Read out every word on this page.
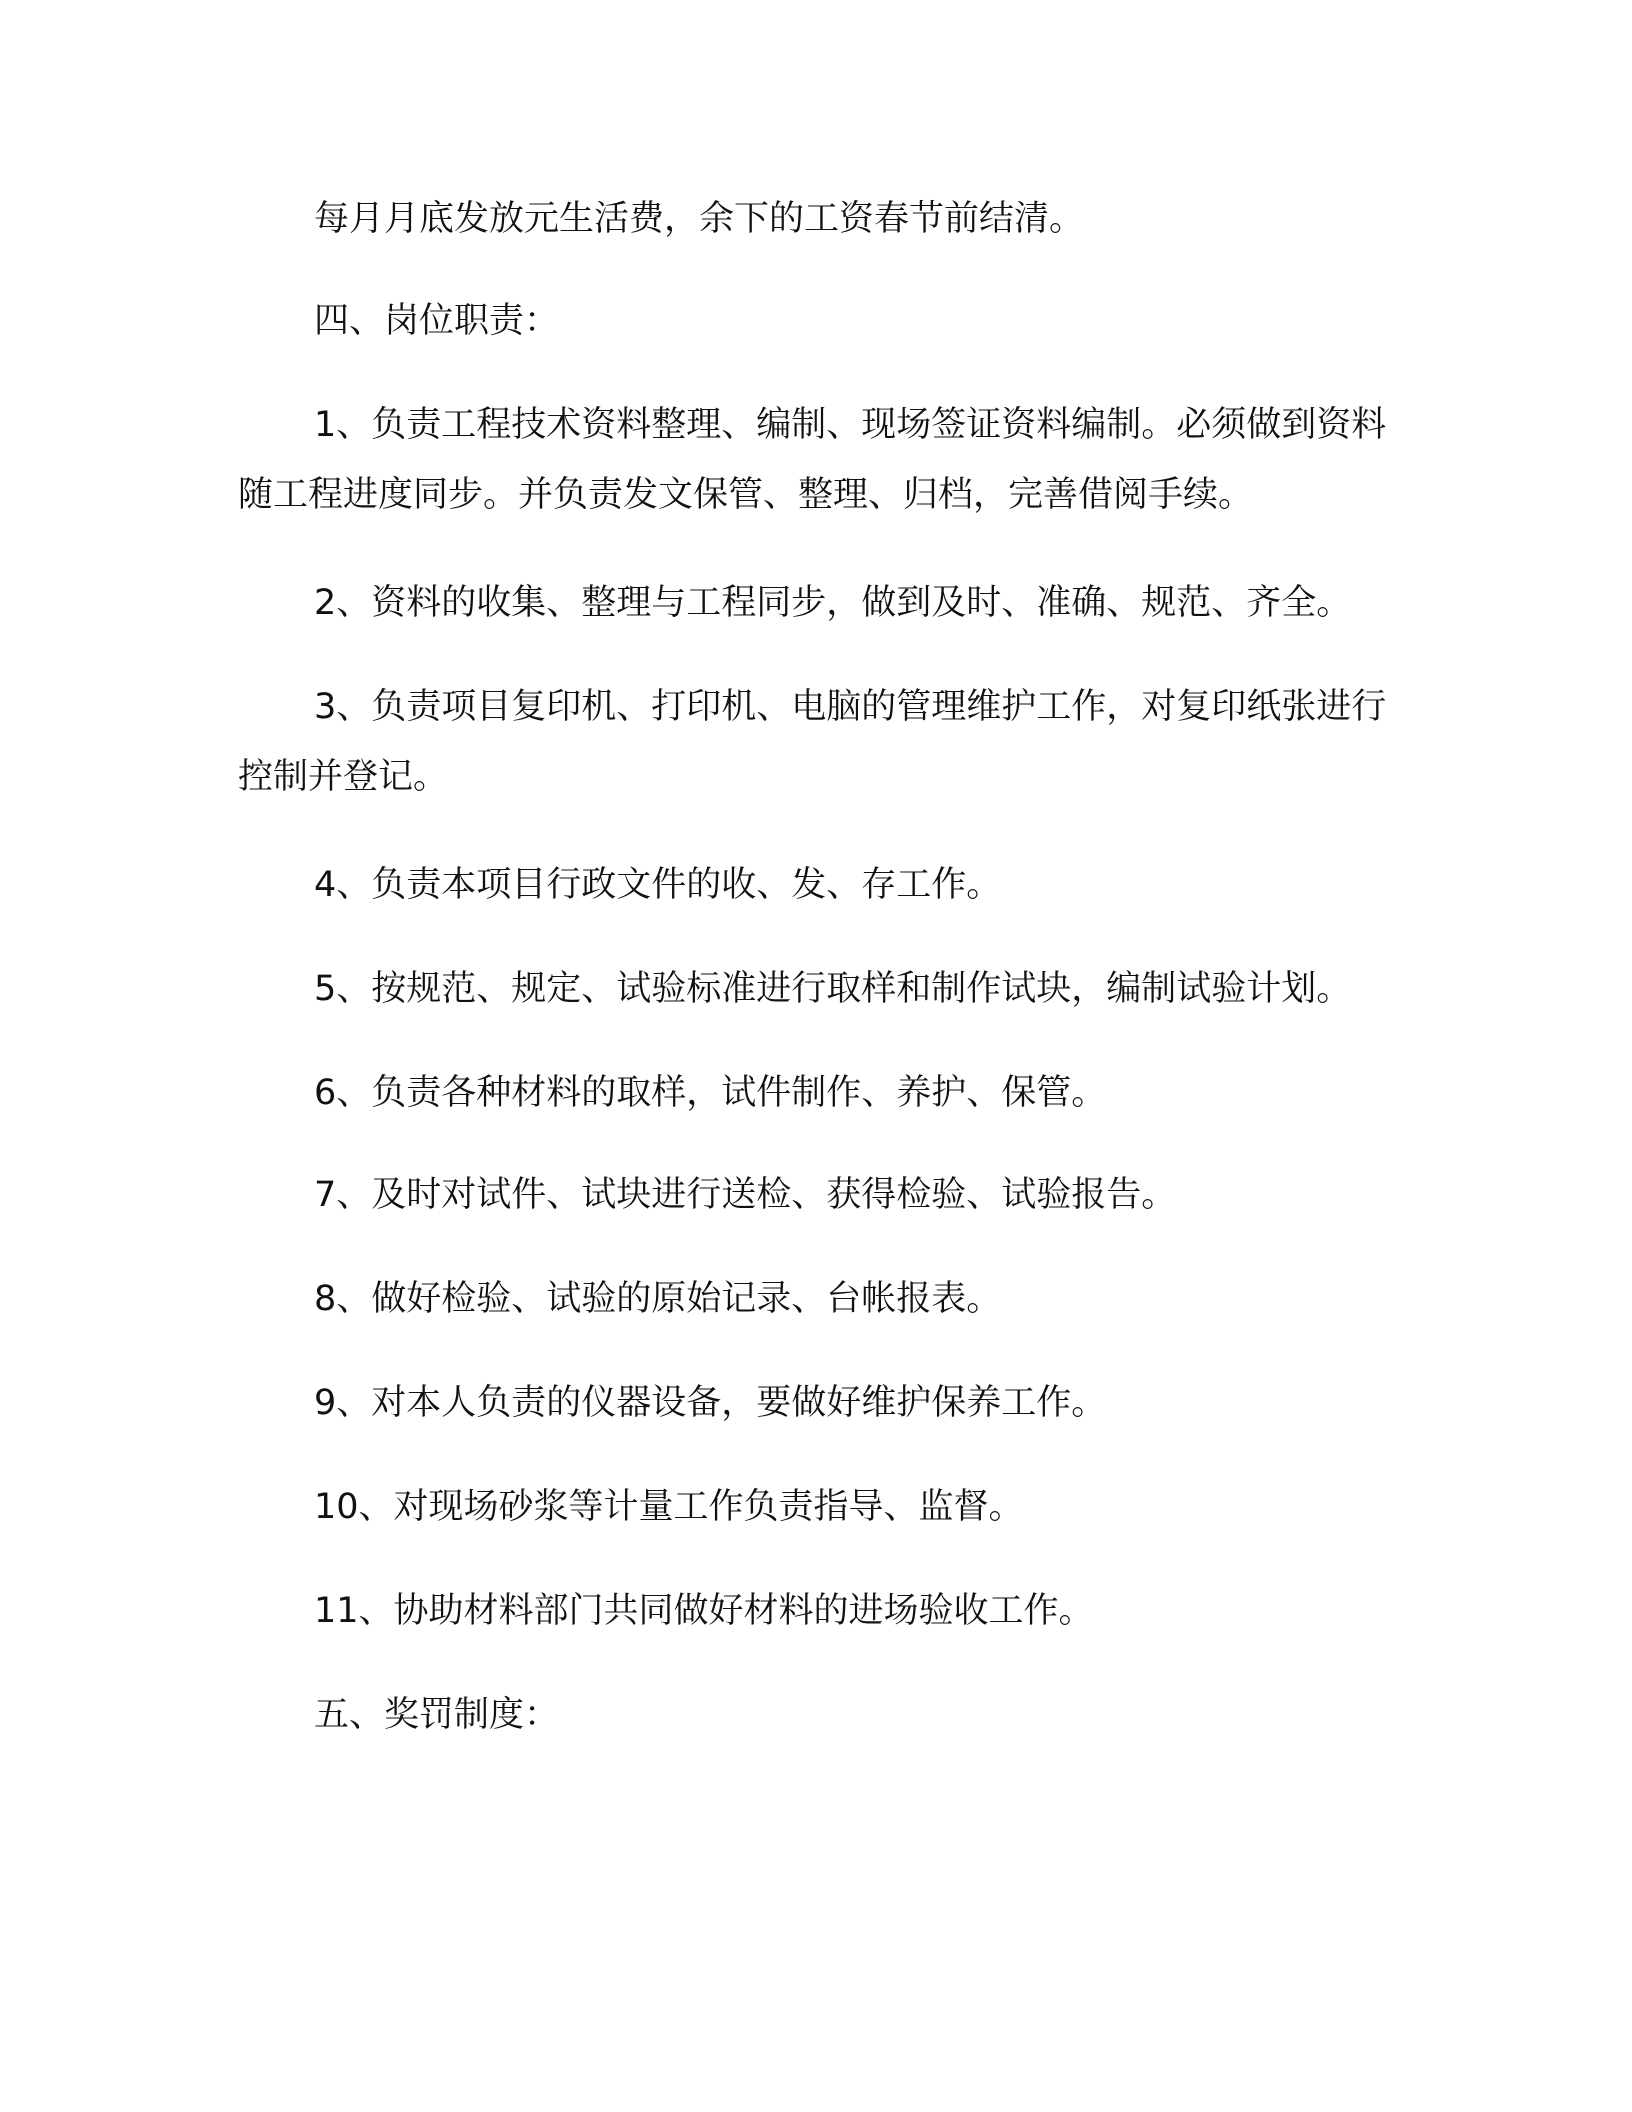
每月月底发放元生活费，余下的工资春节前结清。

四、岗位职责：

1、负责工程技术资料整理、编制、现场签证资料编制。必须做到资料随工程进度同步。并负责发文保管、整理、归档，完善借阅手续。

2、资料的收集、整理与工程同步，做到及时、准确、规范、齐全。

3、负责项目复印机、打印机、电脑的管理维护工作，对复印纸张进行控制并登记。

4、负责本项目行政文件的收、发、存工作。

5、按规范、规定、试验标准进行取样和制作试块，编制试验计划。

6、负责各种材料的取样，试件制作、养护、保管。

7、及时对试件、试块进行送检、获得检验、试验报告。

8、做好检验、试验的原始记录、台帐报表。

9、对本人负责的仪器设备，要做好维护保养工作。

10、对现场砂浆等计量工作负责指导、监督。

11、协助材料部门共同做好材料的进场验收工作。

五、奖罚制度：
